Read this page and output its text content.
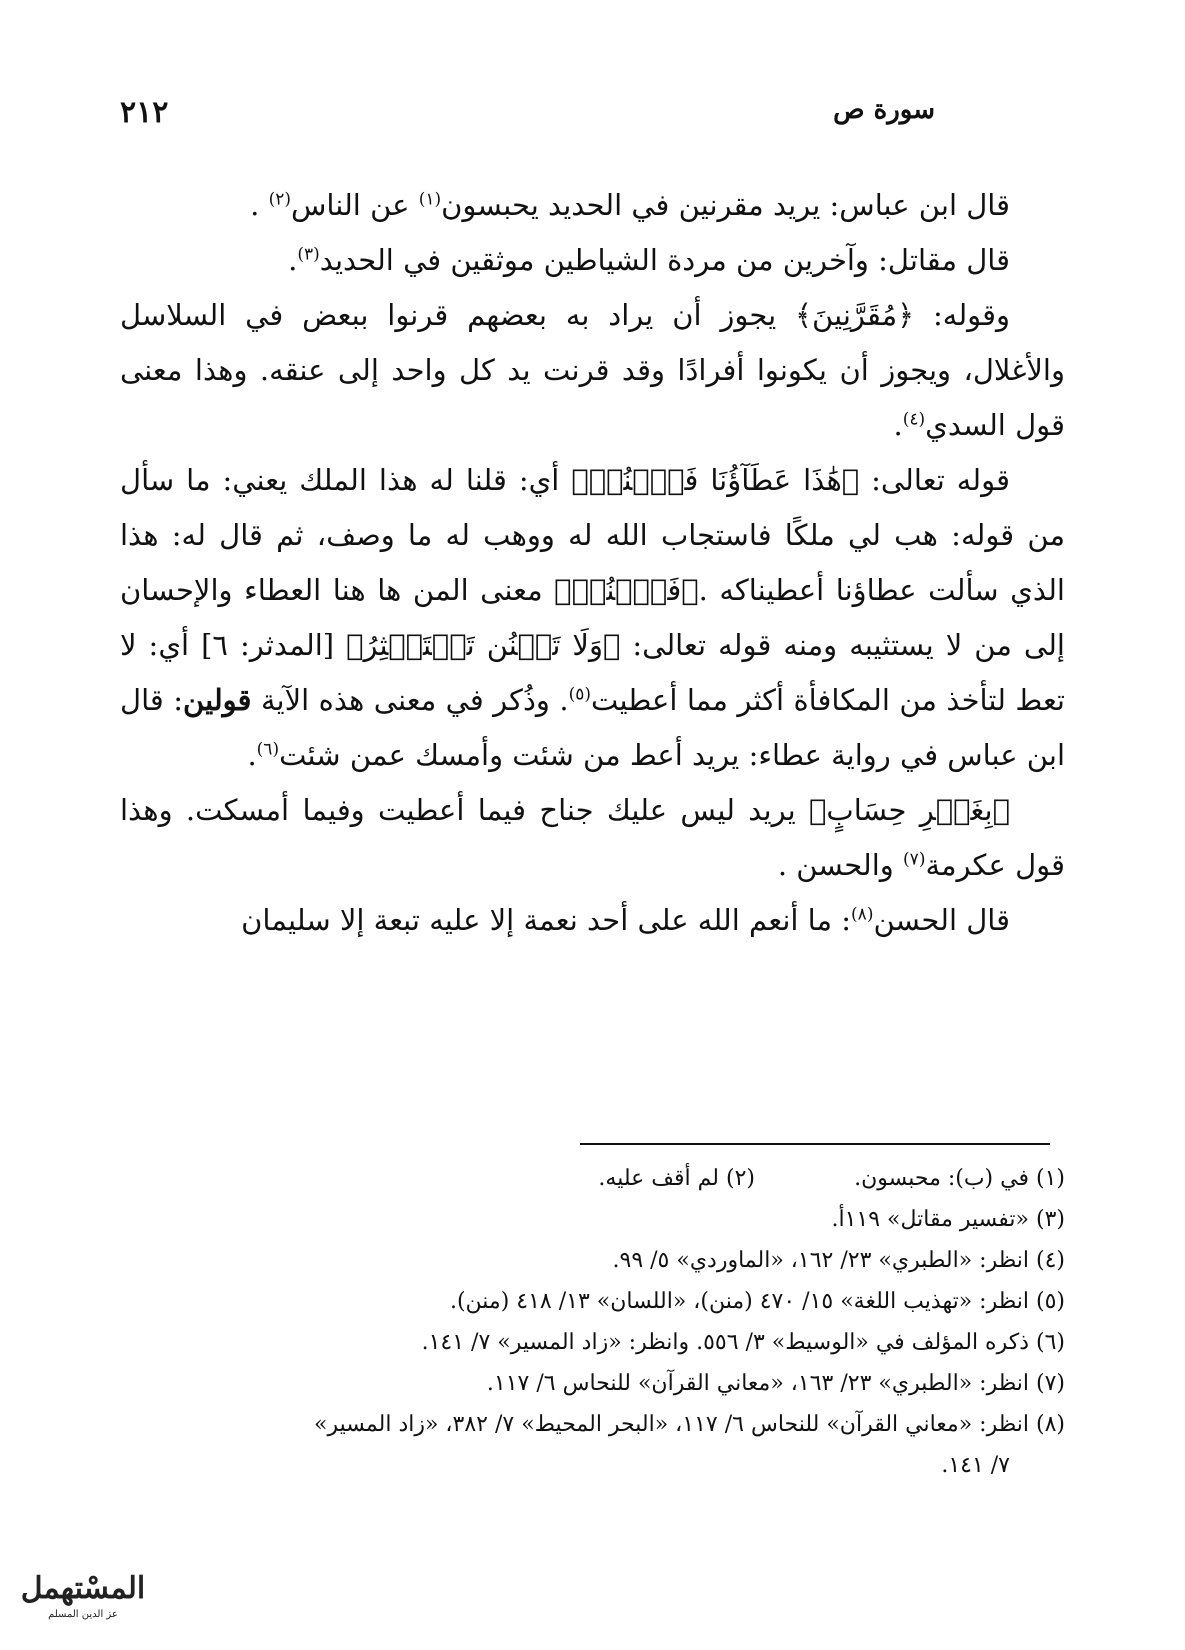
سورة ص
٢١٢

قال ابن عباس: يريد مقرنين في الحديد يحبسون$^{(١)}$ عن الناس$^{(٢)}$ .

قال مقاتل: وآخرين من مردة الشياطين موثقين في الحديد$^{(٣)}$.

وقوله: ﴿مُقَرَّنِينَ﴾ يجوز أن يراد به بعضهم قرنوا ببعض في السلاسل والأغلال، ويجوز أن يكونوا أفرادًا وقد قرنت يد كل واحد إلى عنقه. وهذا معنى قول السدي$^{(٤)}$.

قوله تعالى: ﴿هَٰذَا عَطَآؤُنَا فَٱمۡنُنۡ﴾ أي: قلنا له هذا الملك يعني: ما سأل من قوله: هب لي ملكًا فاستجاب الله له ووهب له ما وصف، ثم قال له: هذا الذي سألت عطاؤنا أعطيناكه .﴿فَٱمۡنُنۡ﴾ معنى المن ها هنا العطاء والإحسان إلى من لا يستثيبه ومنه قوله تعالى: ﴿وَلَا تَمۡنُن تَسۡتَكۡثِرُ﴾ [المدثر: ٦] أي: لا تعط لتأخذ من المكافأة أكثر مما أعطيت$^{(٥)}$. وذُكر في معنى هذه الآية قولين: قال ابن عباس في رواية عطاء: يريد أعط من شئت وأمسك عمن شئت$^{(٦)}$.

﴿بِغَيۡرِ حِسَابٍ﴾ يريد ليس عليك جناح فيما أعطيت وفيما أمسكت. وهذا قول عكرمة$^{(٧)}$ والحسن .

قال الحسن$^{(٨)}$: ما أنعم الله على أحد نعمة إلا عليه تبعة إلا سليمان

(١) في (ب): محبسون.
(٢) لم أقف عليه.
(٣) «تفسير مقاتل» ١١٩أ.
(٤) انظر: «الطبري» ٢٣/ ١٦٢، «الماوردي» ٥/ ٩٩.
(٥) انظر: «تهذيب اللغة» ١٥/ ٤٧٠ (منن)، «اللسان» ١٣/ ٤١٨ (منن).
(٦) ذكره المؤلف في «الوسيط» ٣/ ٥٥٦. وانظر: «زاد المسير» ٧/ ١٤١.
(٧) انظر: «الطبري» ٢٣/ ١٦٣، «معاني القرآن» للنحاس ٦/ ١١٧.
(٨) انظر: «معاني القرآن» للنحاس ٦/ ١١٧، «البحر المحيط» ٧/ ٣٨٢، «زاد المسير»
٧/ ١٤١.
المسْتهمل
عز الدين المسلم
